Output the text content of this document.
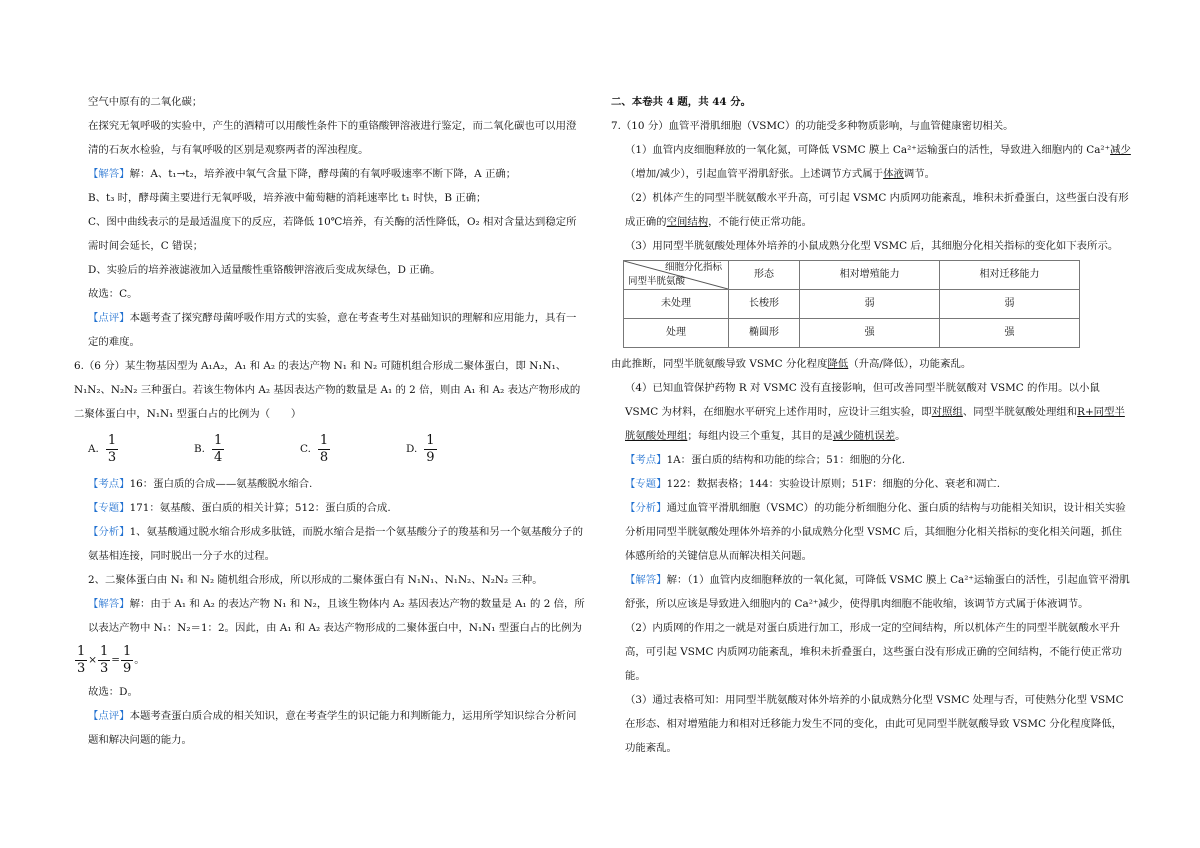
空气中原有的二氧化碳；

在探究无氧呼吸的实验中，产生的酒精可以用酸性条件下的重铬酸钾溶液进行鉴定，而二氧化碳也可以用澄清的石灰水检验，与有氧呼吸的区别是观察两者的浑浊程度。

【解答】解：A、t₁→t₂，培养液中氧气含量下降，酵母菌的有氧呼吸速率不断下降，A 正确；

B、t₃ 时，酵母菌主要进行无氧呼吸，培养液中葡萄糖的消耗速率比 t₁ 时快，B 正确；

C、图中曲线表示的是最适温度下的反应，若降低 10℃培养，有关酶的活性降低，O₂ 相对含量达到稳定所需时间会延长，C 错误；

D、实验后的培养液滤液加入适量酸性重铬酸钾溶液后变成灰绿色，D 正确。

故选：C。

【点评】本题考查了探究酵母菌呼吸作用方式的实验，意在考查考生对基础知识的理解和应用能力，具有一定的难度。

6.（6 分）某生物基因型为 A₁A₂，A₁ 和 A₂ 的表达产物 N₁ 和 N₂ 可随机组合形成二聚体蛋白，即 N₁N₁、N₁N₂、N₂N₂ 三种蛋白。若该生物体内 A₂ 基因表达产物的数量是 A₁ 的 2 倍，则由 A₁ 和 A₂ 表达产物形成的二聚体蛋白中，N₁N₁ 型蛋白占的比例为（　　）

A. $\frac{1}{3}$	B. $\frac{1}{4}$	C. $\frac{1}{8}$	D. $\frac{1}{9}$

【考点】16：蛋白质的合成——氨基酸脱水缩合.

【专题】171：氨基酸、蛋白质的相关计算；512：蛋白质的合成.

【分析】1、氨基酸通过脱水缩合形成多肽链，而脱水缩合是指一个氨基酸分子的羧基和另一个氨基酸分子的氨基相连接，同时脱出一分子水的过程。

2、二聚体蛋白由 N₁ 和 N₂ 随机组合形成，所以形成的二聚体蛋白有 N₁N₁、N₁N₂、N₂N₂ 三种。

【解答】解：由于 A₁ 和 A₂ 的表达产物 N₁ 和 N₂，且该生物体内 A₂ 基因表达产物的数量是 A₁ 的 2 倍，所以表达产物中 N₁：N₂＝1：2。因此，由 A₁ 和 A₂ 表达产物形成的二聚体蛋白中，N₁N₁ 型蛋白占的比例为

$\frac{1}{3} \times \frac{1}{3} = \frac{1}{9}$ 。

故选：D。

【点评】本题考查蛋白质合成的相关知识，意在考查学生的识记能力和判断能力，运用所学知识综合分析问题和解决问题的能力。

二、本卷共 4 题，共 44 分。

7.（10 分）血管平滑肌细胞（VSMC）的功能受多种物质影响，与血管健康密切相关。

（1）血管内皮细胞释放的一氧化氮，可降低 VSMC 膜上 Ca²⁺运输蛋白的活性，导致进入细胞内的 Ca²⁺减少（增加/减少），引起血管平滑肌舒张。上述调节方式属于体液调节。

（2）机体产生的同型半胱氨酸水平升高，可引起 VSMC 内质网功能紊乱，堆积未折叠蛋白，这些蛋白没有形成正确的空间结构，不能行使正常功能。

（3）用同型半胱氨酸处理体外培养的小鼠成熟分化型 VSMC 后，其细胞分化相关指标的变化如下表所示。

细胞分化指标
同型半胱氨酸	形态	相对增殖能力	相对迁移能力
未处理	长梭形	弱	弱
处理	椭圆形	强	强

由此推断，同型半胱氨酸导致 VSMC 分化程度降低（升高/降低），功能紊乱。

（4）已知血管保护药物 R 对 VSMC 没有直接影响，但可改善同型半胱氨酸对 VSMC 的作用。以小鼠 VSMC 为材料，在细胞水平研究上述作用时，应设计三组实验，即对照组、同型半胱氨酸处理组和R+同型半胱氨酸处理组；每组内设三个重复，其目的是减少随机误差。

【考点】1A：蛋白质的结构和功能的综合；51：细胞的分化.

【专题】122：数据表格；144：实验设计原则；51F：细胞的分化、衰老和凋亡.

【分析】通过血管平滑肌细胞（VSMC）的功能分析细胞分化、蛋白质的结构与功能相关知识，设计相关实验分析用同型半胱氨酸处理体外培养的小鼠成熟分化型 VSMC 后，其细胞分化相关指标的变化相关问题，抓住体感所给的关键信息从而解决相关问题。

【解答】解：（1）血管内皮细胞释放的一氧化氮，可降低 VSMC 膜上 Ca²⁺运输蛋白的活性，引起血管平滑肌舒张，所以应该是导致进入细胞内的 Ca²⁺减少，使得肌肉细胞不能收缩，该调节方式属于体液调节。

（2）内质网的作用之一就是对蛋白质进行加工，形成一定的空间结构，所以机体产生的同型半胱氨酸水平升高，可引起 VSMC 内质网功能紊乱，堆积未折叠蛋白，这些蛋白没有形成正确的空间结构，不能行使正常功能。

（3）通过表格可知：用同型半胱氨酸对体外培养的小鼠成熟分化型 VSMC 处理与否，可使熟分化型 VSMC 在形态、相对增殖能力和相对迁移能力发生不同的变化，由此可见同型半胱氨酸导致 VSMC 分化程度降低，功能紊乱。
